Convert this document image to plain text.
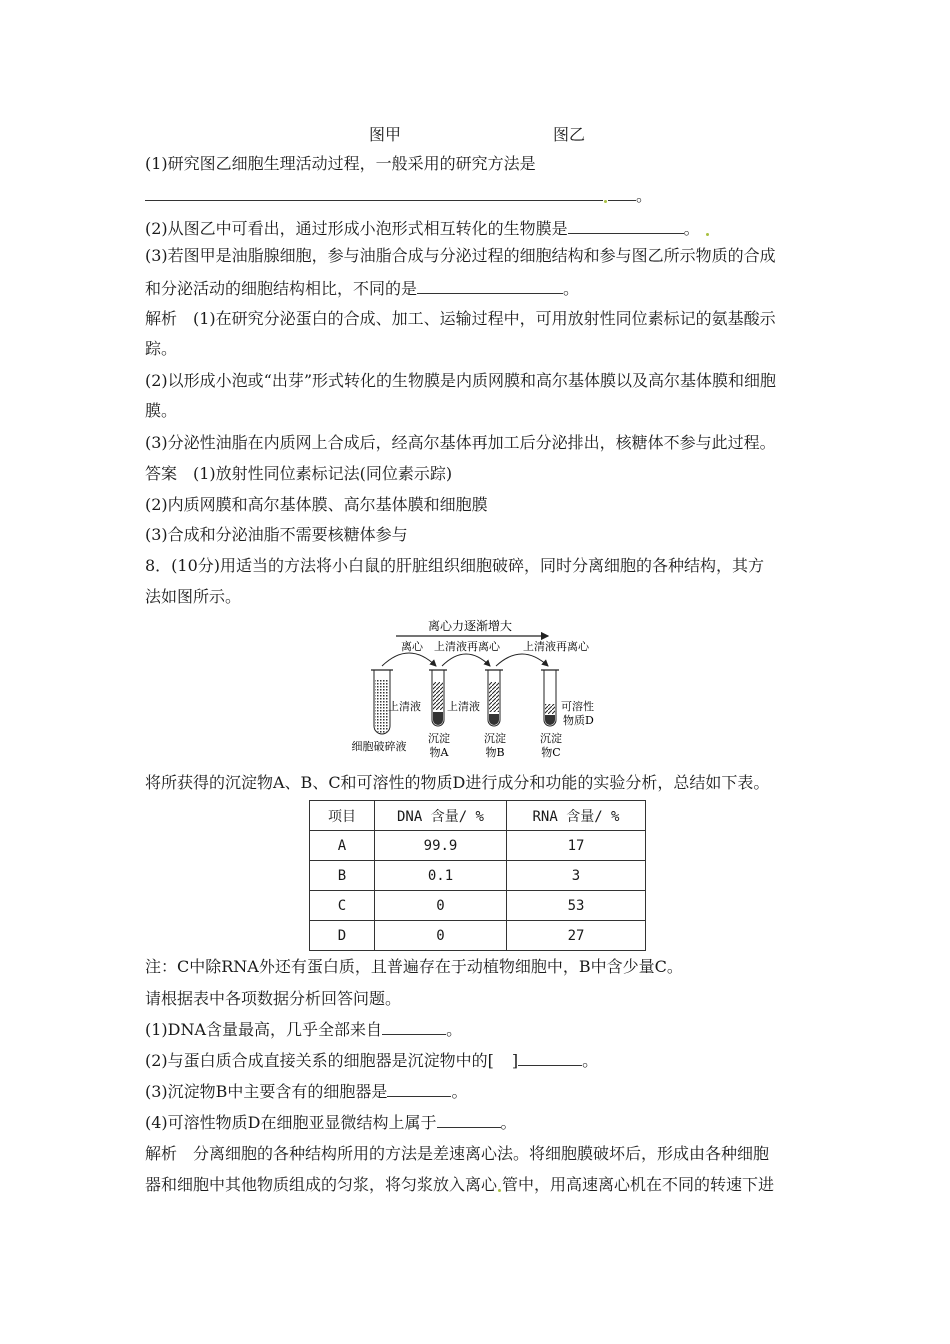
图甲	图乙
(1)研究图乙细胞生理活动过程，一般采用的研究方法是
。
(2)从图乙中可看出，通过形成小泡形式相互转化的生物膜是	。
(3)若图甲是油脂腺细胞，参与油脂合成与分泌过程的细胞结构和参与图乙所示物质的合成
和分泌活动的细胞结构相比，不同的是	。
解析　(1)在研究分泌蛋白的合成、加工、运输过程中，可用放射性同位素标记的氨基酸示
踪。
(2)以形成小泡或“出芽”形式转化的生物膜是内质网膜和高尔基体膜以及高尔基体膜和细胞
膜。
(3)分泌性油脂在内质网上合成后，经高尔基体再加工后分泌排出，核糖体不参与此过程。
答案　(1)放射性同位素标记法(同位素示踪)
(2)内质网膜和高尔基体膜、高尔基体膜和细胞膜
(3)合成和分泌油脂不需要核糖体参与
8．(10分)用适当的方法将小白鼠的肝脏组织细胞破碎，同时分离细胞的各种结构，其方
法如图所示。
离心力逐渐增大
离心 上清液再离心 上清液再离心
上清液 上清液	可溶性
物质D
细胞破碎液
沉淀
物A
沉淀
物B
沉淀
物C
将所获得的沉淀物A、B、C和可溶性的物质D进行成分和功能的实验分析，总结如下表。
项目	DNA 含量/ %	RNA 含量/ %
A	99.9	17
B	0.1	3
C	0	53
D	0	27
注：C中除RNA外还有蛋白质，且普遍存在于动植物细胞中，B中含少量C。
请根据表中各项数据分析回答问题。
(1)DNA含量最高，几乎全部来自	。
(2)与蛋白质合成直接关系的细胞器是沉淀物中的[ ]	。
(3)沉淀物B中主要含有的细胞器是	。
(4)可溶性物质D在细胞亚显微结构上属于	。
解析　分离细胞的各种结构所用的方法是差速离心法。将细胞膜破坏后，形成由各种细胞
器和细胞中其他物质组成的匀浆，将匀浆放入离心 管中，用高速离心机在不同的转速下进
